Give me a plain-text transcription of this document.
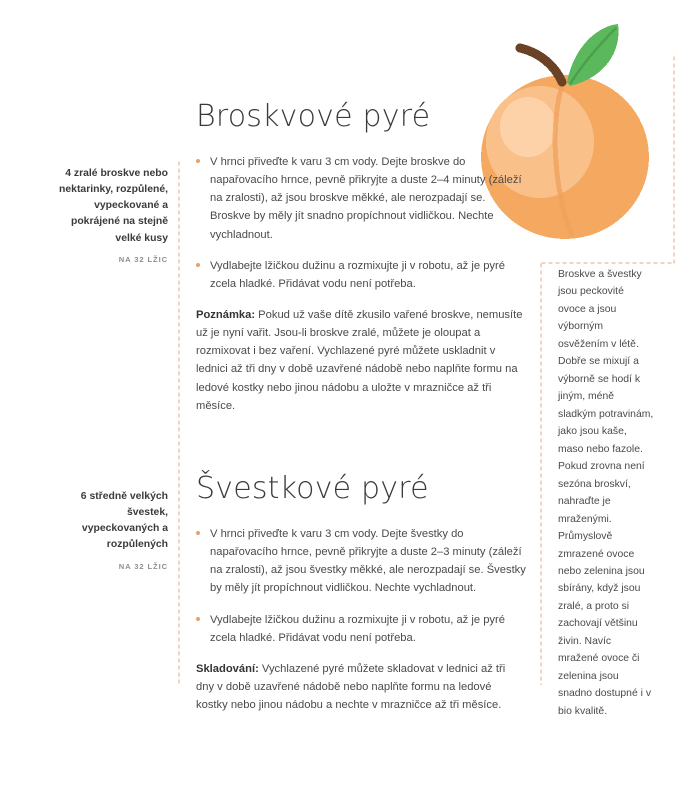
4 zralé broskve nebo nektarinky, rozpůlené, vypeckované a pokrájené na stejně velké kusy
NA 32 LŽIC
6 středně velkých švestek, vypeckovaných a rozpůlených
NA 32 LŽIC
Broskvové pyré
V hrnci přiveďte k varu 3 cm vody. Dejte broskve do napařovacího hrnce, pevně přikryjte a duste 2–4 minuty (záleží na zralosti), až jsou broskve měkké, ale nerozpadají se. Broskve by měly jít snadno propíchnout vidličkou. Nechte vychladnout.
Vydlabejte lžičkou dužinu a rozmixujte ji v robotu, až je pyré zcela hladké. Přidávat vodu není potřeba.

Poznámka: Pokud už vaše dítě zkusilo vařené broskve, nemusíte už je nyní vařit. Jsou-li broskve zralé, můžete je oloupat a rozmixovat i bez vaření. Vychlazené pyré můžete uskladnit v lednici až tři dny v době uzavřené nádobě nebo naplňte formu na ledové kostky nebo jinou nádobu a uložte v mrazničce až tři měsíce.

Švestkové pyré
V hrnci přiveďte k varu 3 cm vody. Dejte švestky do napařovacího hrnce, pevně přikryjte a duste 2–3 minuty (záleží na zralosti), až jsou švestky měkké, ale nerozpadají se. Švestky by měly jít propíchnout vidličkou. Nechte vychladnout.
Vydlabejte lžičkou dužinu a rozmixujte ji v robotu, až je pyré zcela hladké. Přidávat vodu není potřeba.

Skladování: Vychlazené pyré můžete skladovat v lednici až tři dny v době uzavřené nádobě nebo naplňte formu na ledové kostky nebo jinou nádobu a nechte v mrazničce až tři měsíce.

Broskve a švestky jsou peckovité ovoce a jsou výborným osvěžením v létě. Dobře se mixují a výborně se hodí k jiným, méně sladkým potravinám, jako jsou kaše, maso nebo fazole. Pokud zrovna není sezóna broskví, nahraďte je mraženými. Průmyslově zmrazené ovoce nebo zelenina jsou sbírány, když jsou zralé, a proto si zachovají většinu živin. Navíc mražené ovoce či zelenina jsou snadno dostupné i v bio kvalitě.
